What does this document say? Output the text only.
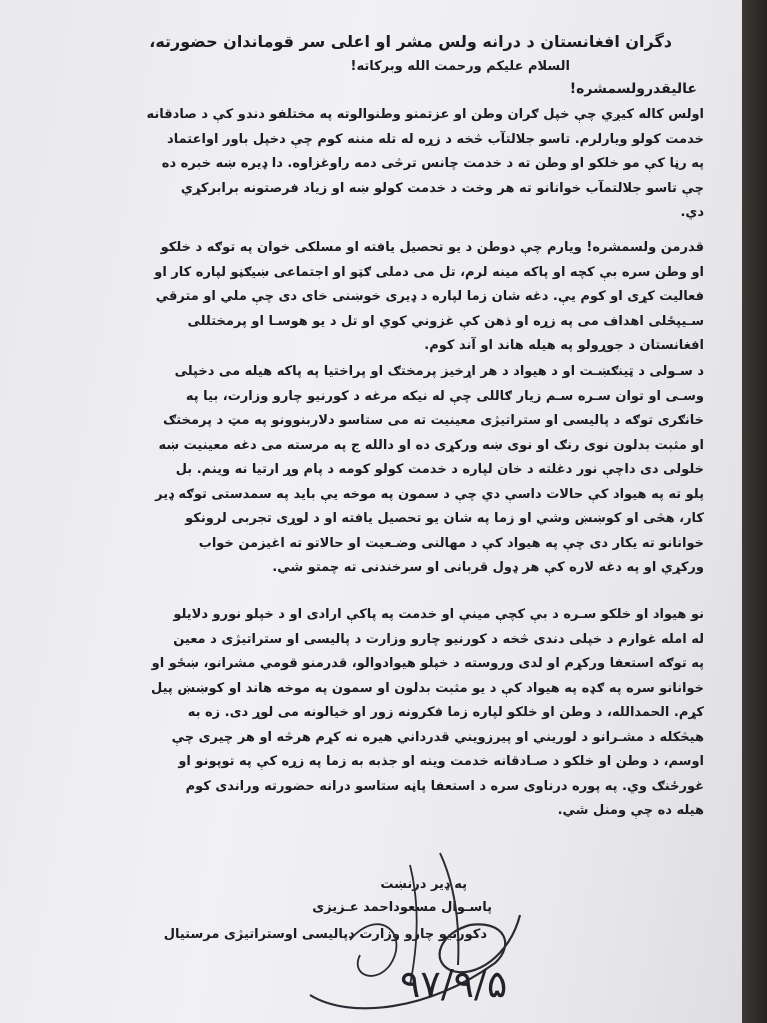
دگران افغانستان د درانه ولس مشر او اعلی سر قوماندان حضورته،
السلام علیکم ورحمت الله وبرکاته!
عالیقدرولسمشره!
اولس کاله کیږي چې خپل ګران وطن او عزتمنو وطنوالوته په مختلفو دندو کې د صادقانه
خدمت کولو ویارلرم. تاسو جلالتآب څخه د زړه له تله مننه کوم چې دخپل باور اواعتماد
په رڼا کې مو خلکو او وطن ته د خدمت چانس ترڅی دمه راوغزاوه. دا ډیره ښه خبره ده
چې تاسو جلالتمآب خوانانو ته هر وخت د خدمت کولو ښه او زیاد فرصتونه برابرکړي
دي.
قدرمن ولسمشره! ویارم چې دوطن د یو تحصیل یافته او مسلکی خوان په توګه د خلکو
او وطن سره بې کچه او پاکه مینه لرم، تل می دملی ګټو او اجتماعی ښیګڼو لپاره کار او
فعالیت کړی او کوم یې. دغه شان زما لپاره د ډیری خوښنی خای دی چې ملي او مترقي
سـیپځلی اهداف می په زړه او ذهن کې غزوني کوي او تل د یو هوسـا او پرمختللی
افغانستان د جوړولو په هیله هاند او آند کوم.
د سـولی د ټینګښـت او د هیواد د هر اړخیز پرمختګ او پراختیا په پاکه هیله می دخپلی
وسـی او توان سـره سـم زیار ګاللی چې له نیکه مرغه د کورنیو چارو وزارت، بیا په
خانګری توګه د پالیسی او ستراتیژی معینیت ته می ستاسو دلاربنوونو په مټ د پرمختګ
او مثبت بدلون نوی رنګ او نوی ښه ورکړی ده او دالله ج په مرسته می دغه معینیت ښه
خلولی دی داچې نور دغلته د خان لپاره د خدمت کولو کومه د پام وړ ارتیا نه وینم. بل
پلو ته په هیواد کې حالات داسې دي چې د سمون په موخه یې باید په سمدستی توګه ډیر
کار، هڅی او کوښښ وشي او زما په شان یو تحصیل یافته او د لوړی تجربی لرونکو
خوانانو ته یکار دی چې په هیواد کې د مهالنی وضـعیت او حالاتو ته اغیزمن خواب
ورکړي او په دغه لاره کې هر ډول قربانی او سرخندنی ته چمتو شي.
نو هیواد او خلکو سـره د بې کچې مینې او خدمت په پاکې ارادی او د خپلو نورو دلایلو
له امله غوارم د خپلی دندی څخه د کورنیو چارو وزارت د پالیسی او ستراتیژی د معین
په توګه استعفا ورکړم او لدی وروسته د خپلو هیوادوالو، قدرمنو قومي مشرانو، ښځو او
خوانانو سره په ګډه په هیواد کې د یو مثبت بدلون او سمون په موخه هاند او کوښښ پیل
کړم. الحمدالله، د وطن او خلکو لپاره زما فکرونه زور او خیالونه می لوړ دی. زه به
هیڅکله د مشـرانو د لوریني او پیرزویني قدرداني هیره نه کړم هرڅه او هر چیری چې
اوسم، د وطن او خلکو د صـادقانه خدمت وینه او جذبه به زما په زړه کې په توپونو او
غورځنګ وي. په پوره درناوی سره د استعفا پاڼه ستاسو درانه حضورته وراندی کوم
هیله ده چې ومنل شي.
په ډیر درنښت
پاسـوال مسعوداحمد عـزیزی
دکورنیو چارو وزارت دپالیسی اوستراتیژی مرستیال
۹۷/۹/۵
